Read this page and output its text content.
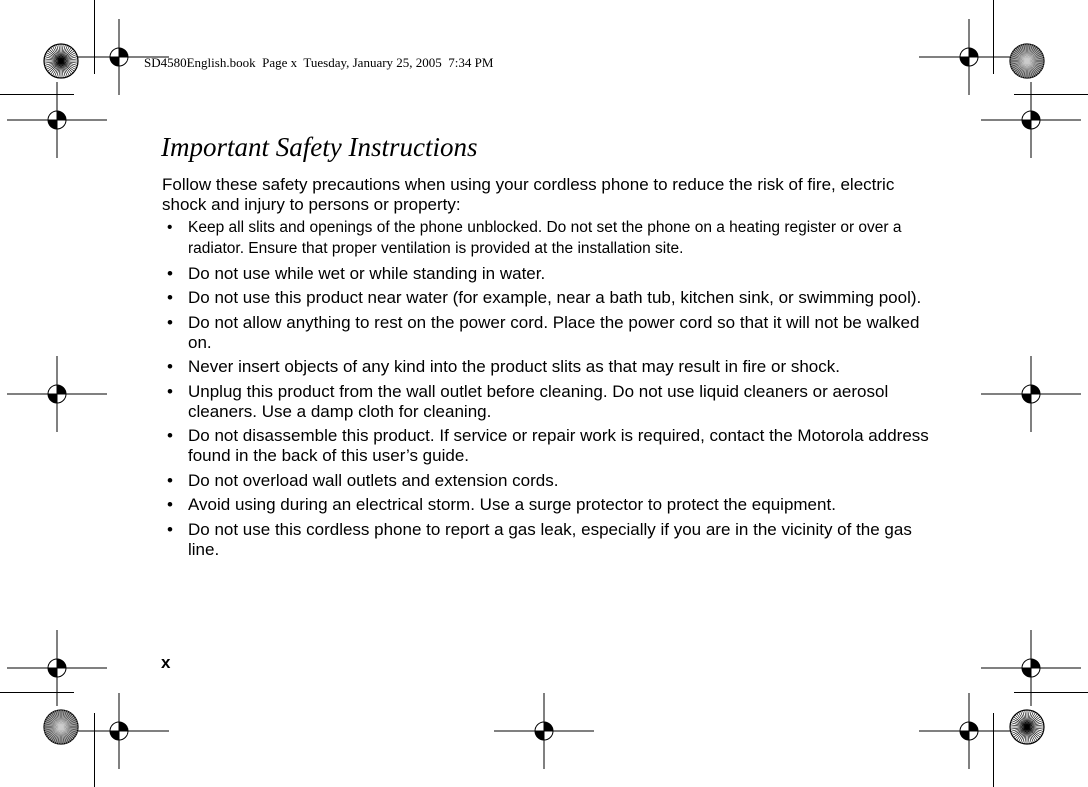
SD4580English.book  Page x  Tuesday, January 25, 2005  7:34 PM
Important Safety Instructions

Follow these safety precautions when using your cordless phone to reduce the risk of fire, electric shock and injury to persons or property:

• Keep all slits and openings of the phone unblocked. Do not set the phone on a heating register or over a radiator. Ensure that proper ventilation is provided at the installation site.
• Do not use while wet or while standing in water.
• Do not use this product near water (for example, near a bath tub, kitchen sink, or swimming pool).
• Do not allow anything to rest on the power cord. Place the power cord so that it will not be walked on.
• Never insert objects of any kind into the product slits as that may result in fire or shock.
• Unplug this product from the wall outlet before cleaning. Do not use liquid cleaners or aerosol cleaners. Use a damp cloth for cleaning.
• Do not disassemble this product. If service or repair work is required, contact the Motorola address found in the back of this user’s guide.
• Do not overload wall outlets and extension cords.
• Avoid using during an electrical storm. Use a surge protector to protect the equipment.
• Do not use this cordless phone to report a gas leak, especially if you are in the vicinity of the gas line.
x
